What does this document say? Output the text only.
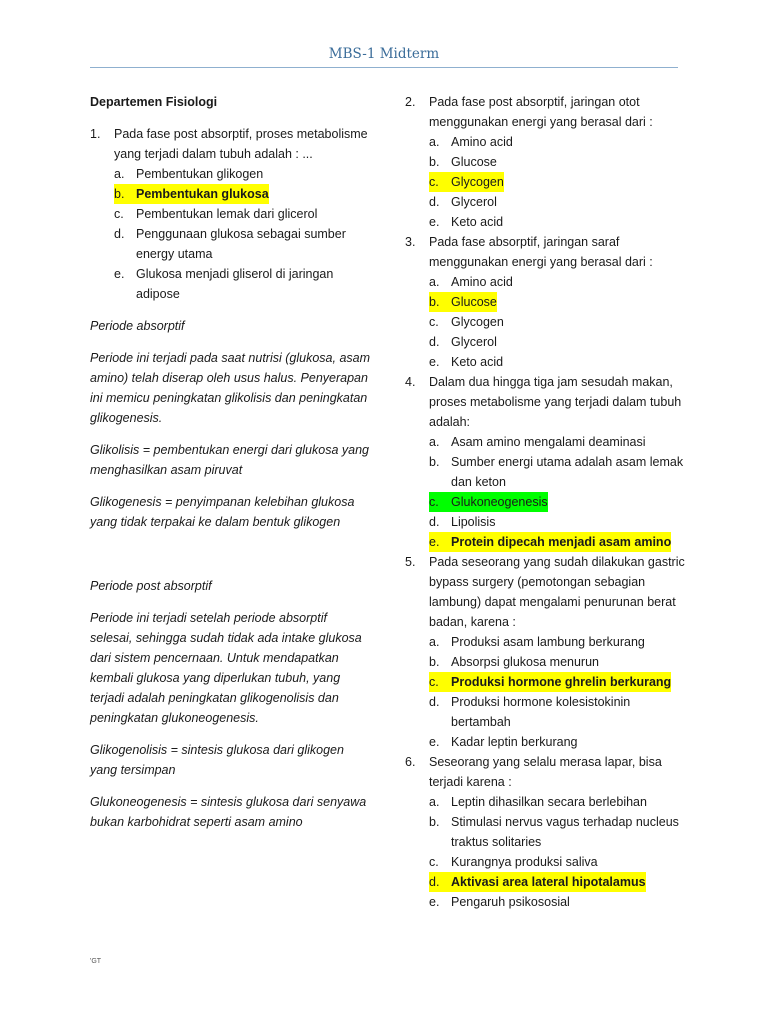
MBS-1 Midterm
Departemen Fisiologi
1.	Pada fase post absorptif, proses metabolisme yang terjadi dalam tubuh adalah : ...
a. Pembentukan glikogen
b. Pembentukan glukosa
c. Pembentukan lemak dari glicerol
d. Penggunaan glukosa sebagai sumber energy utama
e. Glukosa menjadi gliserol di jaringan adipose
Periode absorptif
Periode ini terjadi pada saat nutrisi (glukosa, asam amino) telah diserap oleh usus halus. Penyerapan ini memicu peningkatan glikolisis dan peningkatan glikogenesis.
Glikolisis = pembentukan energi dari glukosa yang menghasilkan asam piruvat
Glikogenesis = penyimpanan kelebihan glukosa yang tidak terpakai ke dalam bentuk glikogen
Periode post absorptif
Periode ini terjadi setelah periode absorptif selesai, sehingga sudah tidak ada intake glukosa dari sistem pencernaan. Untuk mendapatkan kembali glukosa yang diperlukan tubuh, yang terjadi adalah peningkatan glikogenolisis dan peningkatan glukoneogenesis.
Glikogenolisis = sintesis glukosa dari glikogen yang tersimpan
Glukoneogenesis = sintesis glukosa dari senyawa bukan karbohidrat seperti asam amino
2.	Pada fase post absorptif, jaringan otot menggunakan energi yang berasal dari :
a. Amino acid
b. Glucose
c. Glycogen
d. Glycerol
e. Keto acid
3.	Pada fase absorptif, jaringan saraf menggunakan energi yang berasal dari :
a. Amino acid
b. Glucose
c. Glycogen
d. Glycerol
e. Keto acid
4.	Dalam dua hingga tiga jam sesudah makan, proses metabolisme yang terjadi dalam tubuh adalah:
a. Asam amino mengalami deaminasi
b. Sumber energi utama adalah asam lemak dan keton
c. Glukoneogenesis
d. Lipolisis
e. Protein dipecah menjadi asam amino
5.	Pada seseorang yang sudah dilakukan gastric bypass surgery (pemotongan sebagian lambung) dapat mengalami penurunan berat badan, karena :
a. Produksi asam lambung berkurang
b. Absorpsi glukosa menurun
c. Produksi hormone ghrelin berkurang
d. Produksi hormone kolesistokinin bertambah
e. Kadar leptin berkurang
6.	Seseorang yang selalu merasa lapar, bisa terjadi karena :
a. Leptin dihasilkan secara berlebihan
b. Stimulasi nervus vagus terhadap nucleus traktus solitaries
c. Kurangnya produksi saliva
d. Aktivasi area lateral hipotalamus
e. Pengaruh psikososial
'GT
